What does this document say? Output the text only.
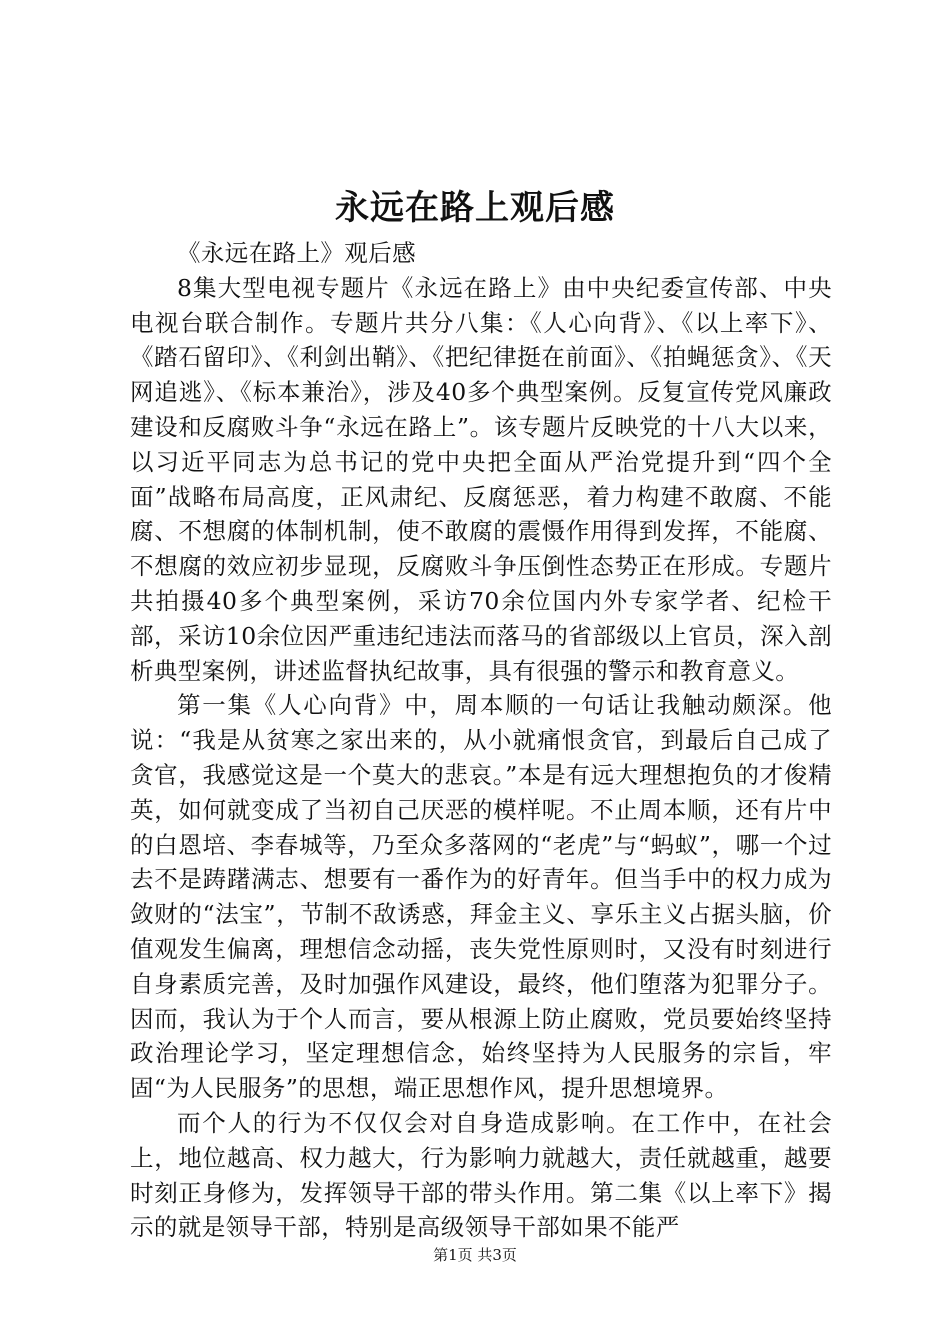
永远在路上观后感

《永远在路上》观后感

8集大型电视专题片《永远在路上》由中央纪委宣传部、中央电视台联合制作。专题片共分八集：《人心向背》、《以上率下》、《踏石留印》、《利剑出鞘》、《把纪律挺在前面》、《拍蝇惩贪》、《天网追逃》、《标本兼治》，涉及40多个典型案例。反复宣传党风廉政建设和反腐败斗争“永远在路上”。该专题片反映党的十八大以来，以习近平同志为总书记的党中央把全面从严治党提升到“四个全面”战略布局高度，正风肃纪、反腐惩恶，着力构建不敢腐、不能腐、不想腐的体制机制，使不敢腐的震慑作用得到发挥，不能腐、不想腐的效应初步显现，反腐败斗争压倒性态势正在形成。专题片共拍摄40多个典型案例，采访70余位国内外专家学者、纪检干部，采访10余位因严重违纪违法而落马的省部级以上官员，深入剖析典型案例，讲述监督执纪故事，具有很强的警示和教育意义。

第一集《人心向背》中，周本顺的一句话让我触动颇深。他说：“我是从贫寒之家出来的，从小就痛恨贪官，到最后自己成了贪官，我感觉这是一个莫大的悲哀。”本是有远大理想抱负的才俊精英，如何就变成了当初自己厌恶的模样呢。不止周本顺，还有片中的白恩培、李春城等，乃至众多落网的“老虎”与“蚂蚁”，哪一个过去不是踌躇满志、想要有一番作为的好青年。但当手中的权力成为敛财的“法宝”，节制不敌诱惑，拜金主义、享乐主义占据头脑，价值观发生偏离，理想信念动摇，丧失党性原则时，又没有时刻进行自身素质完善，及时加强作风建设，最终，他们堕落为犯罪分子。因而，我认为于个人而言，要从根源上防止腐败，党员要始终坚持政治理论学习，坚定理想信念，始终坚持为人民服务的宗旨，牢固“为人民服务”的思想，端正思想作风，提升思想境界。

而个人的行为不仅仅会对自身造成影响。在工作中，在社会上，地位越高、权力越大，行为影响力就越大，责任就越重，越要时刻正身修为，发挥领导干部的带头作用。第二集《以上率下》揭示的就是领导干部，特别是高级领导干部如果不能严

第1页 共3页
